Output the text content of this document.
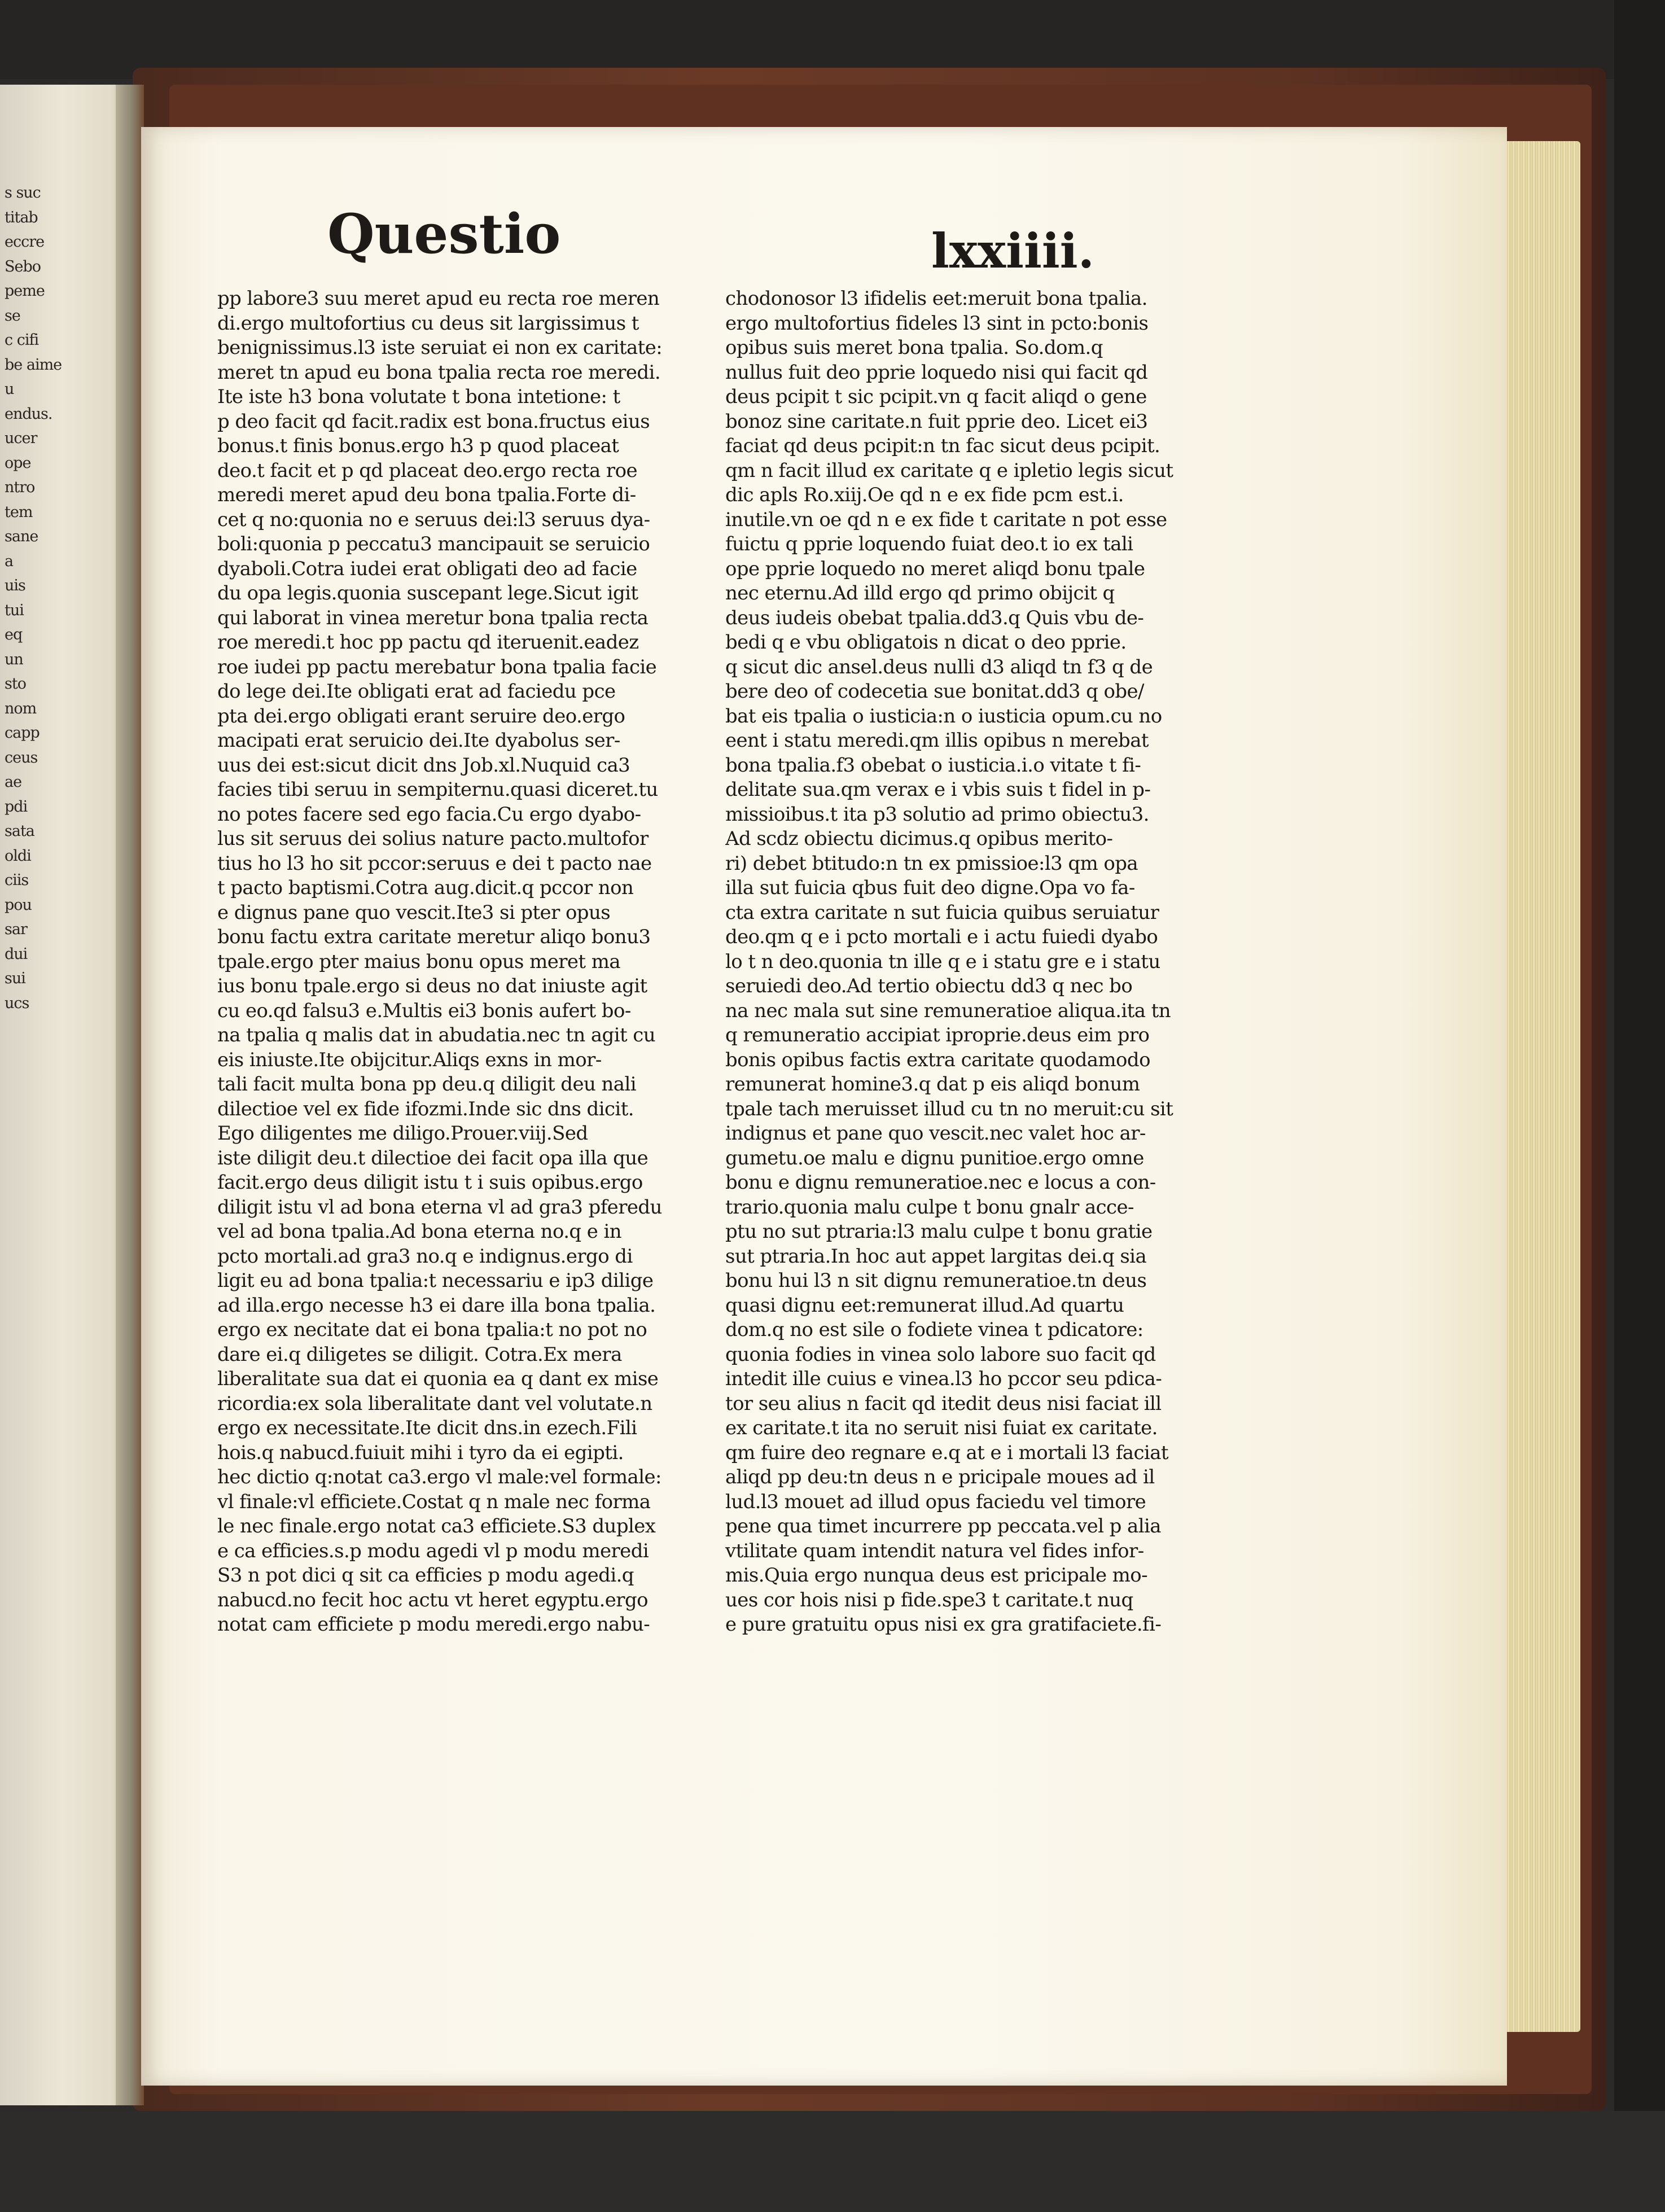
s suc
titab
eccre
Sebo
peme
se
c cifi
be aime
u
endus.
ucer
ope
ntro
tem
sane
a
uis
tui
eq
un
sto
nom
capp
ceus
ae
pdi
sata
oldi
ciis
pou
sar
dui
sui
ucs
Questio	lxxiiii.
pp labore3 suu meret apud eu recta roe meren
di.ergo multofortius cu deus sit largissimus t
benignissimus.l3 iste seruiat ei non ex caritate:
meret tn apud eu bona tpalia recta roe meredi.
Ite iste h3 bona volutate t bona intetione: t
p deo facit qd facit.radix est bona.fructus eius
bonus.t finis bonus.ergo h3 p quod placeat
deo.t facit et p qd placeat deo.ergo recta roe
meredi meret apud deu bona tpalia.Forte di-
cet q no:quonia no e seruus dei:l3 seruus dya-
boli:quonia p peccatu3 mancipauit se seruicio
dyaboli.Cotra iudei erat obligati deo ad facie
du opa legis.quonia suscepant lege.Sicut igit
qui laborat in vinea meretur bona tpalia recta
roe meredi.t hoc pp pactu qd iteruenit.eadez
roe iudei pp pactu merebatur bona tpalia facie
do lege dei.Ite obligati erat ad faciedu pce
pta dei.ergo obligati erant seruire deo.ergo
macipati erat seruicio dei.Ite dyabolus ser-
uus dei est:sicut dicit dns Job.xl.Nuquid ca3
facies tibi seruu in sempiternu.quasi diceret.tu
no potes facere sed ego facia.Cu ergo dyabo-
lus sit seruus dei solius nature pacto.multofor
tius ho l3 ho sit pccor:seruus e dei t pacto nae
t pacto baptismi.Cotra aug.dicit.q pccor non
e dignus pane quo vescit.Ite3 si pter opus
bonu factu extra caritate meretur aliqo bonu3
tpale.ergo pter maius bonu opus meret ma
ius bonu tpale.ergo si deus no dat iniuste agit
cu eo.qd falsu3 e.Multis ei3 bonis aufert bo-
na tpalia q malis dat in abudatia.nec tn agit cu
eis iniuste.Ite obijcitur.Aliqs exns in mor-
tali facit multa bona pp deu.q diligit deu nali
dilectioe vel ex fide ifozmi.Inde sic dns dicit.
Ego diligentes me diligo.Prouer.viij.Sed
iste diligit deu.t dilectioe dei facit opa illa que
facit.ergo deus diligit istu t i suis opibus.ergo
diligit istu vl ad bona eterna vl ad gra3 pferedu
vel ad bona tpalia.Ad bona eterna no.q e in
pcto mortali.ad gra3 no.q e indignus.ergo di
ligit eu ad bona tpalia:t necessariu e ip3 dilige
ad illa.ergo necesse h3 ei dare illa bona tpalia.
ergo ex necitate dat ei bona tpalia:t no pot no
dare ei.q diligetes se diligit. Cotra.Ex mera
liberalitate sua dat ei quonia ea q dant ex mise
ricordia:ex sola liberalitate dant vel volutate.n
ergo ex necessitate.Ite dicit dns.in ezech.Fili
hois.q nabucd.fuiuit mihi i tyro da ei egipti.
hec dictio q:notat ca3.ergo vl male:vel formale:
vl finale:vl efficiete.Costat q n male nec forma
le nec finale.ergo notat ca3 efficiete.S3 duplex
e ca efficies.s.p modu agedi vl p modu meredi
S3 n pot dici q sit ca efficies p modu agedi.q
nabucd.no fecit hoc actu vt heret egyptu.ergo
notat cam efficiete p modu meredi.ergo nabu-
chodonosor l3 ifidelis eet:meruit bona tpalia.
ergo multofortius fideles l3 sint in pcto:bonis
opibus suis meret bona tpalia. So.dom.q
nullus fuit deo pprie loquedo nisi qui facit qd
deus pcipit t sic pcipit.vn q facit aliqd o gene
bonoz sine caritate.n fuit pprie deo. Licet ei3
faciat qd deus pcipit:n tn fac sicut deus pcipit.
qm n facit illud ex caritate q e ipletio legis sicut
dic apls Ro.xiij.Oe qd n e ex fide pcm est.i.
inutile.vn oe qd n e ex fide t caritate n pot esse
fuictu q pprie loquendo fuiat deo.t io ex tali
ope pprie loquedo no meret aliqd bonu tpale
nec eternu.Ad illd ergo qd primo obijcit q
deus iudeis obebat tpalia.dd3.q Quis vbu de-
bedi q e vbu obligatois n dicat o deo pprie.
q sicut dic ansel.deus nulli d3 aliqd tn f3 q de
bere deo of codecetia sue bonitat.dd3 q obe/
bat eis tpalia o iusticia:n o iusticia opum.cu no
eent i statu meredi.qm illis opibus n merebat
bona tpalia.f3 obebat o iusticia.i.o vitate t fi-
delitate sua.qm verax e i vbis suis t fidel in p-
missioibus.t ita p3 solutio ad primo obiectu3.
Ad scdz obiectu dicimus.q opibus merito-
ri) debet btitudo:n tn ex pmissioe:l3 qm opa
illa sut fuicia qbus fuit deo digne.Opa vo fa-
cta extra caritate n sut fuicia quibus seruiatur
deo.qm q e i pcto mortali e i actu fuiedi dyabo
lo t n deo.quonia tn ille q e i statu gre e i statu
seruiedi deo.Ad tertio obiectu dd3 q nec bo
na nec mala sut sine remuneratioe aliqua.ita tn
q remuneratio accipiat iproprie.deus eim pro
bonis opibus factis extra caritate quodamodo
remunerat homine3.q dat p eis aliqd bonum
tpale tach meruisset illud cu tn no meruit:cu sit
indignus et pane quo vescit.nec valet hoc ar-
gumetu.oe malu e dignu punitioe.ergo omne
bonu e dignu remuneratioe.nec e locus a con-
trario.quonia malu culpe t bonu gnalr acce-
ptu no sut ptraria:l3 malu culpe t bonu gratie
sut ptraria.In hoc aut appet largitas dei.q sia
bonu hui l3 n sit dignu remuneratioe.tn deus
quasi dignu eet:remunerat illud.Ad quartu
dom.q no est sile o fodiete vinea t pdicatore:
quonia fodies in vinea solo labore suo facit qd
intedit ille cuius e vinea.l3 ho pccor seu pdica-
tor seu alius n facit qd itedit deus nisi faciat ill
ex caritate.t ita no seruit nisi fuiat ex caritate.
qm fuire deo regnare e.q at e i mortali l3 faciat
aliqd pp deu:tn deus n e pricipale moues ad il
lud.l3 mouet ad illud opus faciedu vel timore
pene qua timet incurrere pp peccata.vel p alia
vtilitate quam intendit natura vel fides infor-
mis.Quia ergo nunqua deus est pricipale mo-
ues cor hois nisi p fide.spe3 t caritate.t nuq
e pure gratuitu opus nisi ex gra gratifaciete.fi-
